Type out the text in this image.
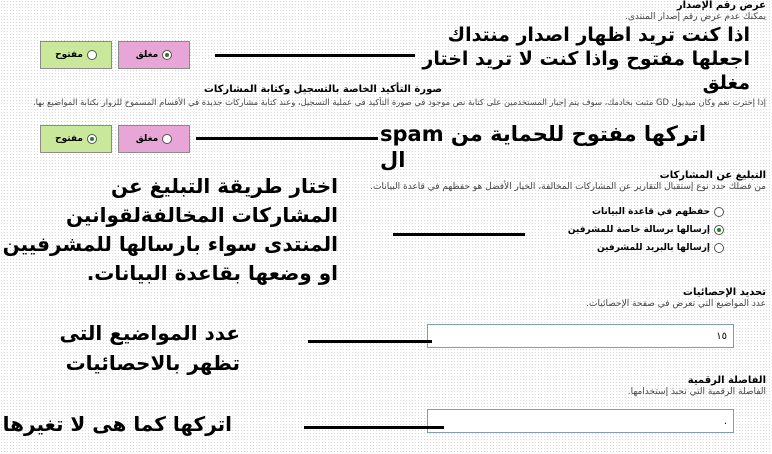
عرض رقم الإصدار
يمكنك عدم عرض رقم إصدار المنتدى.
مغلق
مفتوح
صورة التأكيد الخاصة بالتسجيل وكتابة المشاركات
إذا إخترت نعم وكان ميديول GD مثبت بخادمك، سوف يتم إجبار المستخدمين على كتابة نص موجود في صورة التأكيد في عملية التسجيل، وعند كتابة مشاركات جديدة في الأقسام المسموح للزوار بكتابة المواضيع بها.
مغلق
مفتوح
التبليغ عن المشاركات
من فضلك حدد نوع إستقبال التقارير عن المشاركات المخالفة، الخيار الأفضل هو حفظهم في قاعدة البيانات.
حفظهم في قاعدة البيانات
إرسالها برسالة خاصة للمشرفين
إرسالها بالبريد للمشرفين
تحديد الإحصائيات
عدد المواضيع التي تعرض في صفحة الإحصائيات.
١٥
الفاصلة الرقمية
الفاصلة الرقمية التي تحبذ إستخدامها.
.
اذا كنت تريد اظهار اصدار منتداك اجعلها مفتوح واذا كنت لا تريد اختار مغلق
spam اتركها مفتوح للحماية من ال
اختار طريقة التبليغ عن المشاركات المخالفةلقوانين المنتدى سواء بارسالها للمشرفيين او وضعها بقاعدة البيانات.
عدد المواضيع التى تظهر بالاحصائيات
اتركها كما هى لا تغيرها
